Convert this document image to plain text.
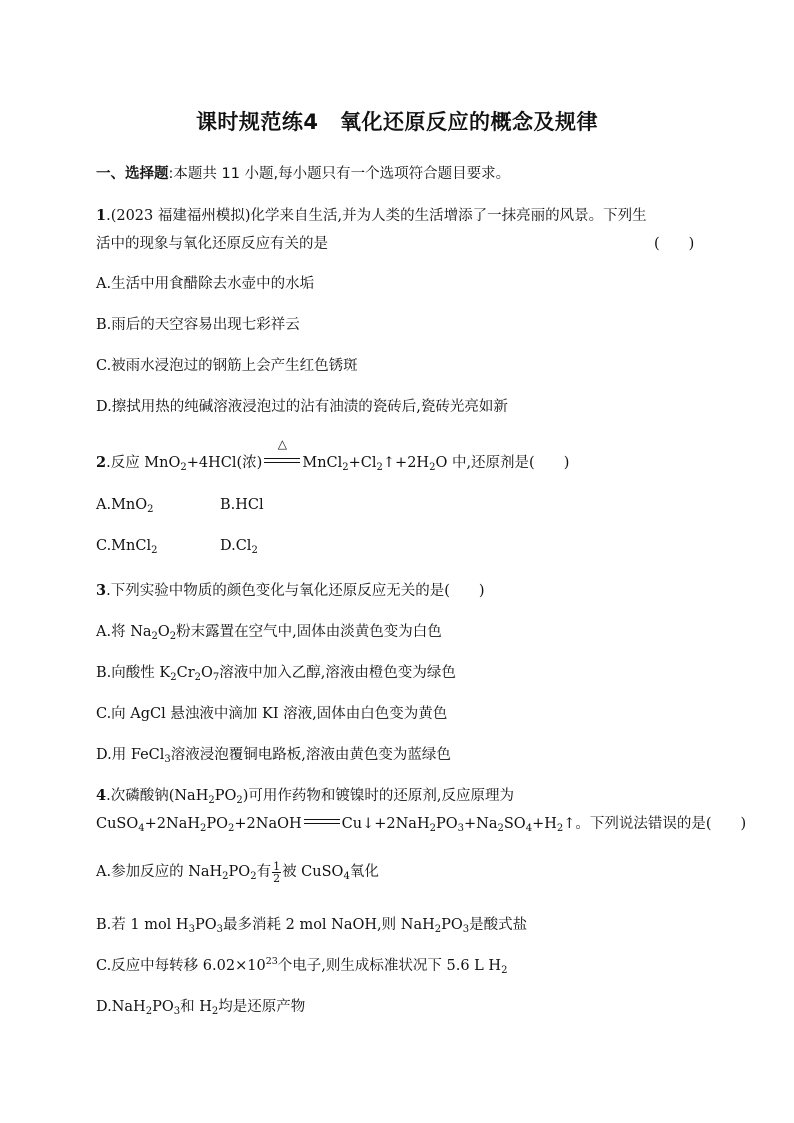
课时规范练4　氧化还原反应的概念及规律
一、选择题:本题共 11 小题,每小题只有一个选项符合题目要求。
1.(2023 福建福州模拟)化学来自生活,并为人类的生活增添了一抹亮丽的风景。下列生
活中的现象与氧化还原反应有关的是	(　　)
A.生活中用食醋除去水壶中的水垢
B.雨后的天空容易出现七彩祥云
C.被雨水浸泡过的钢筋上会产生红色锈斑
D.擦拭用热的纯碱溶液浸泡过的沾有油渍的瓷砖后,瓷砖光亮如新
2.反应 MnO$_2$+4HCl(浓)
△
$MnCl_2+Cl_2↑+2H_2O$ 中,还原剂是(　　)
A.MnO$_2$	B.HCl
C.MnCl$_2$	$D.Cl_2$
3.下列实验中物质的颜色变化与氧化还原反应无关的是(　　)
A.将 $Na_2O_2$粉末露置在空气中,固体由淡黄色变为白色
B.向酸性 $K_2Cr_2O_7$溶液中加入乙醇,溶液由橙色变为绿色
C.向 AgCl 悬浊液中滴加 KI 溶液,固体由白色变为黄色
D.用 FeCl$_3$溶液浸泡覆铜电路板,溶液由黄色变为蓝绿色
4.次磷酸钠$(NaH_2PO_2)$可用作药物和镀镍时的还原剂,反应原理为
$CuSO_4+2NaH_2PO_2+2NaOH$	$Cu↓+2NaH_2PO_3+Na_2SO_4+H_2↑$。下列说法错误的是(　　)
A.参加反应的 $NaH_2PO_2$有 $\frac{1}{2}$ 被 CuSO$_4$氧化
B.若 1 mol $H_3PO_3$最多消耗 2 mol NaOH,则 $NaH_2PO_3$是酸式盐
C.反应中每转移 $6.02\times 10^{23}$个电子,则生成标准状况下 5.6 L $H_2$
$D.NaH_2PO_3$和 $H_2$均是还原产物
